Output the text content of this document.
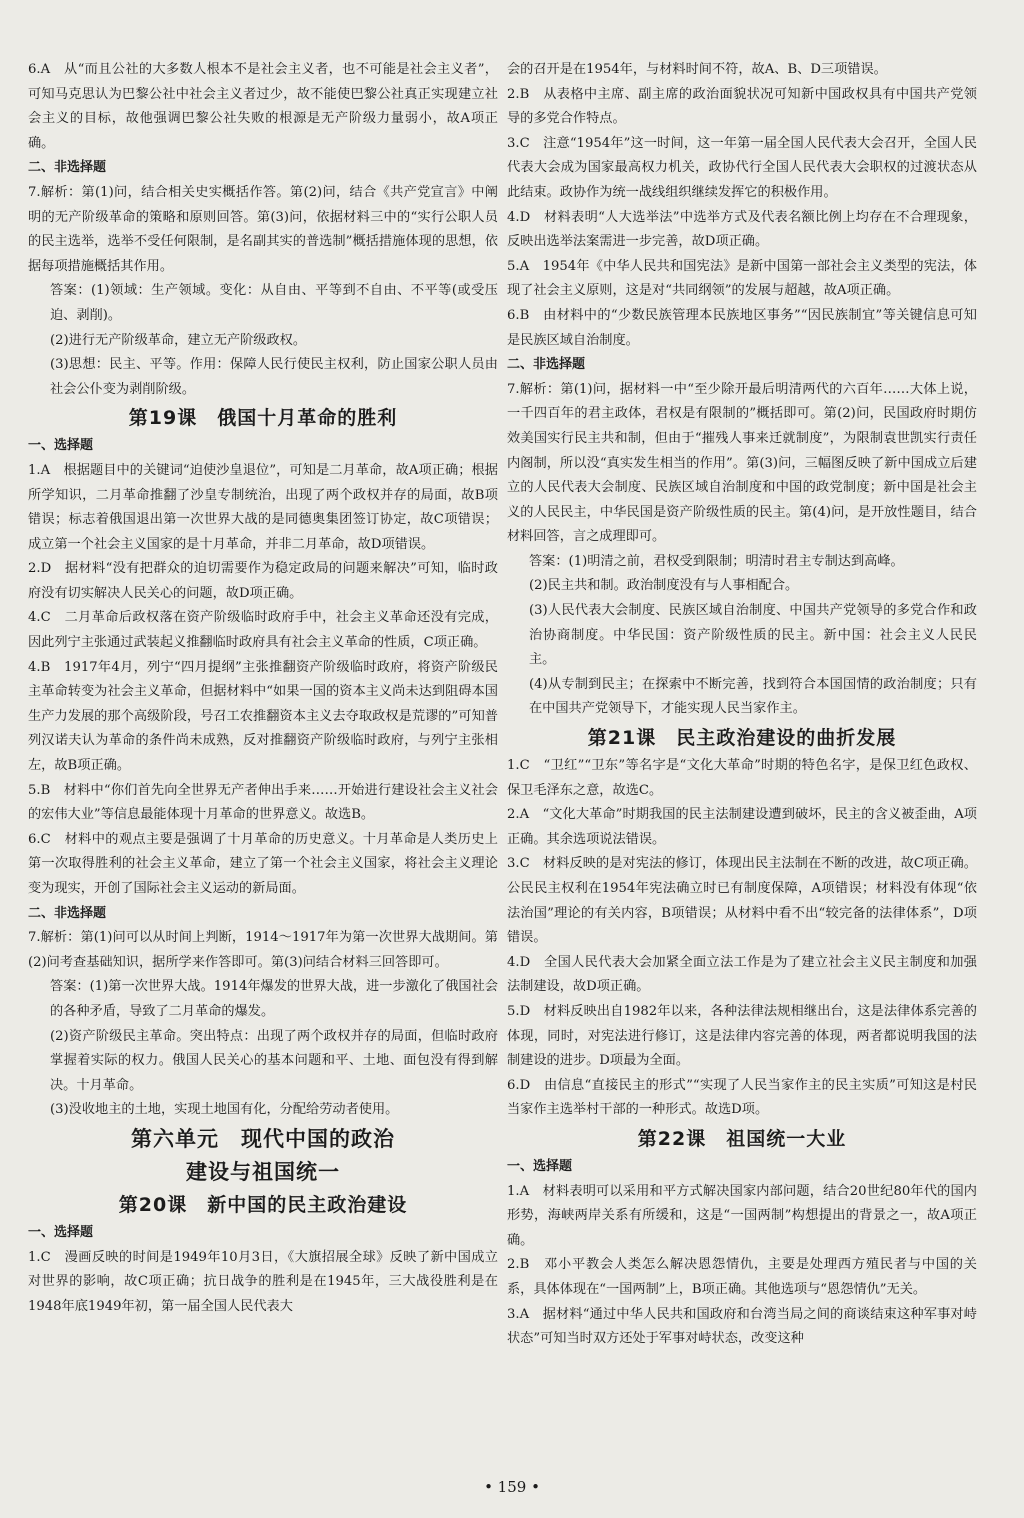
6.A　从“而且公社的大多数人根本不是社会主义者，也不可能是社会主义者”，可知马克思认为巴黎公社中社会主义者过少，故不能使巴黎公社真正实现建立社会主义的目标，故他强调巴黎公社失败的根源是无产阶级力量弱小，故A项正确。

二、非选择题

7.解析：第(1)问，结合相关史实概括作答。第(2)问，结合《共产党宣言》中阐明的无产阶级革命的策略和原则回答。第(3)问，依据材料三中的“实行公职人员的民主选举，选举不受任何限制，是名副其实的普选制”概括措施体现的思想，依据每项措施概括其作用。

答案：(1)领域：生产领域。变化：从自由、平等到不自由、不平等(或受压迫、剥削)。

(2)进行无产阶级革命，建立无产阶级政权。

(3)思想：民主、平等。作用：保障人民行使民主权利，防止国家公职人员由社会公仆变为剥削阶级。

第19课　俄国十月革命的胜利

一、选择题

1.A　根据题目中的关键词“迫使沙皇退位”，可知是二月革命，故A项正确；根据所学知识，二月革命推翻了沙皇专制统治，出现了两个政权并存的局面，故B项错误；标志着俄国退出第一次世界大战的是同德奥集团签订协定，故C项错误；成立第一个社会主义国家的是十月革命，并非二月革命，故D项错误。

2.D　据材料“没有把群众的迫切需要作为稳定政局的问题来解决”可知，临时政府没有切实解决人民关心的问题，故D项正确。

4.C　二月革命后政权落在资产阶级临时政府手中，社会主义革命还没有完成，因此列宁主张通过武装起义推翻临时政府具有社会主义革命的性质，C项正确。

4.B　1917年4月，列宁“四月提纲”主张推翻资产阶级临时政府，将资产阶级民主革命转变为社会主义革命，但据材料中“如果一国的资本主义尚未达到阻碍本国生产力发展的那个高级阶段，号召工农推翻资本主义去夺取政权是荒谬的”可知普列汉诺夫认为革命的条件尚未成熟，反对推翻资产阶级临时政府，与列宁主张相左，故B项正确。

5.B　材料中“你们首先向全世界无产者伸出手来……开始进行建设社会主义社会的宏伟大业”等信息最能体现十月革命的世界意义。故选B。

6.C　材料中的观点主要是强调了十月革命的历史意义。十月革命是人类历史上第一次取得胜利的社会主义革命，建立了第一个社会主义国家，将社会主义理论变为现实，开创了国际社会主义运动的新局面。

二、非选择题

7.解析：第(1)问可以从时间上判断，1914～1917年为第一次世界大战期间。第(2)问考查基础知识，据所学来作答即可。第(3)问结合材料三回答即可。

答案：(1)第一次世界大战。1914年爆发的世界大战，进一步激化了俄国社会的各种矛盾，导致了二月革命的爆发。

(2)资产阶级民主革命。突出特点：出现了两个政权并存的局面，但临时政府掌握着实际的权力。俄国人民关心的基本问题和平、土地、面包没有得到解决。十月革命。

(3)没收地主的土地，实现土地国有化，分配给劳动者使用。

第六单元　现代中国的政治
建设与祖国统一
第20课　新中国的民主政治建设

一、选择题

1.C　漫画反映的时间是1949年10月3日，《大旗招展全球》反映了新中国成立对世界的影响，故C项正确；抗日战争的胜利是在1945年，三大战役胜利是在1948年底1949年初，第一届全国人民代表大

会的召开是在1954年，与材料时间不符，故A、B、D三项错误。

2.B　从表格中主席、副主席的政治面貌状况可知新中国政权具有中国共产党领导的多党合作特点。

3.C　注意“1954年”这一时间，这一年第一届全国人民代表大会召开，全国人民代表大会成为国家最高权力机关，政协代行全国人民代表大会职权的过渡状态从此结束。政协作为统一战线组织继续发挥它的积极作用。

4.D　材料表明“人大选举法”中选举方式及代表名额比例上均存在不合理现象，反映出选举法案需进一步完善，故D项正确。

5.A　1954年《中华人民共和国宪法》是新中国第一部社会主义类型的宪法，体现了社会主义原则，这是对“共同纲领”的发展与超越，故A项正确。

6.B　由材料中的“少数民族管理本民族地区事务”“因民族制宜”等关键信息可知是民族区域自治制度。

二、非选择题

7.解析：第(1)问，据材料一中“至少除开最后明清两代的六百年……大体上说，一千四百年的君主政体，君权是有限制的”概括即可。第(2)问，民国政府时期仿效美国实行民主共和制，但由于“摧残人事来迁就制度”，为限制袁世凯实行责任内阁制，所以没“真实发生相当的作用”。第(3)问，三幅图反映了新中国成立后建立的人民代表大会制度、民族区域自治制度和中国的政党制度；新中国是社会主义的人民民主，中华民国是资产阶级性质的民主。第(4)问，是开放性题目，结合材料回答，言之成理即可。

答案：(1)明清之前，君权受到限制；明清时君主专制达到高峰。

(2)民主共和制。政治制度没有与人事相配合。

(3)人民代表大会制度、民族区域自治制度、中国共产党领导的多党合作和政治协商制度。中华民国：资产阶级性质的民主。新中国：社会主义人民民主。

(4)从专制到民主；在探索中不断完善，找到符合本国国情的政治制度；只有在中国共产党领导下，才能实现人民当家作主。

第21课　民主政治建设的曲折发展

1.C　“卫红”“卫东”等名字是“文化大革命”时期的特色名字，是保卫红色政权、保卫毛泽东之意，故选C。

2.A　“文化大革命”时期我国的民主法制建设遭到破坏，民主的含义被歪曲，A项正确。其余选项说法错误。

3.C　材料反映的是对宪法的修订，体现出民主法制在不断的改进，故C项正确。公民民主权利在1954年宪法确立时已有制度保障，A项错误；材料没有体现“依法治国”理论的有关内容，B项错误；从材料中看不出“较完备的法律体系”，D项错误。

4.D　全国人民代表大会加紧全面立法工作是为了建立社会主义民主制度和加强法制建设，故D项正确。

5.D　材料反映出自1982年以来，各种法律法规相继出台，这是法律体系完善的体现，同时，对宪法进行修订，这是法律内容完善的体现，两者都说明我国的法制建设的进步。D项最为全面。

6.D　由信息“直接民主的形式”“实现了人民当家作主的民主实质”可知这是村民当家作主选举村干部的一种形式。故选D项。

第22课　祖国统一大业

一、选择题

1.A　材料表明可以采用和平方式解决国家内部问题，结合20世纪80年代的国内形势，海峡两岸关系有所缓和，这是“一国两制”构想提出的背景之一，故A项正确。

2.B　邓小平教会人类怎么解决恩怨情仇，主要是处理西方殖民者与中国的关系，具体体现在“一国两制”上，B项正确。其他选项与“恩怨情仇”无关。

3.A　据材料“通过中华人民共和国政府和台湾当局之间的商谈结束这种军事对峙状态”可知当时双方还处于军事对峙状态，改变这种

• 159 •
